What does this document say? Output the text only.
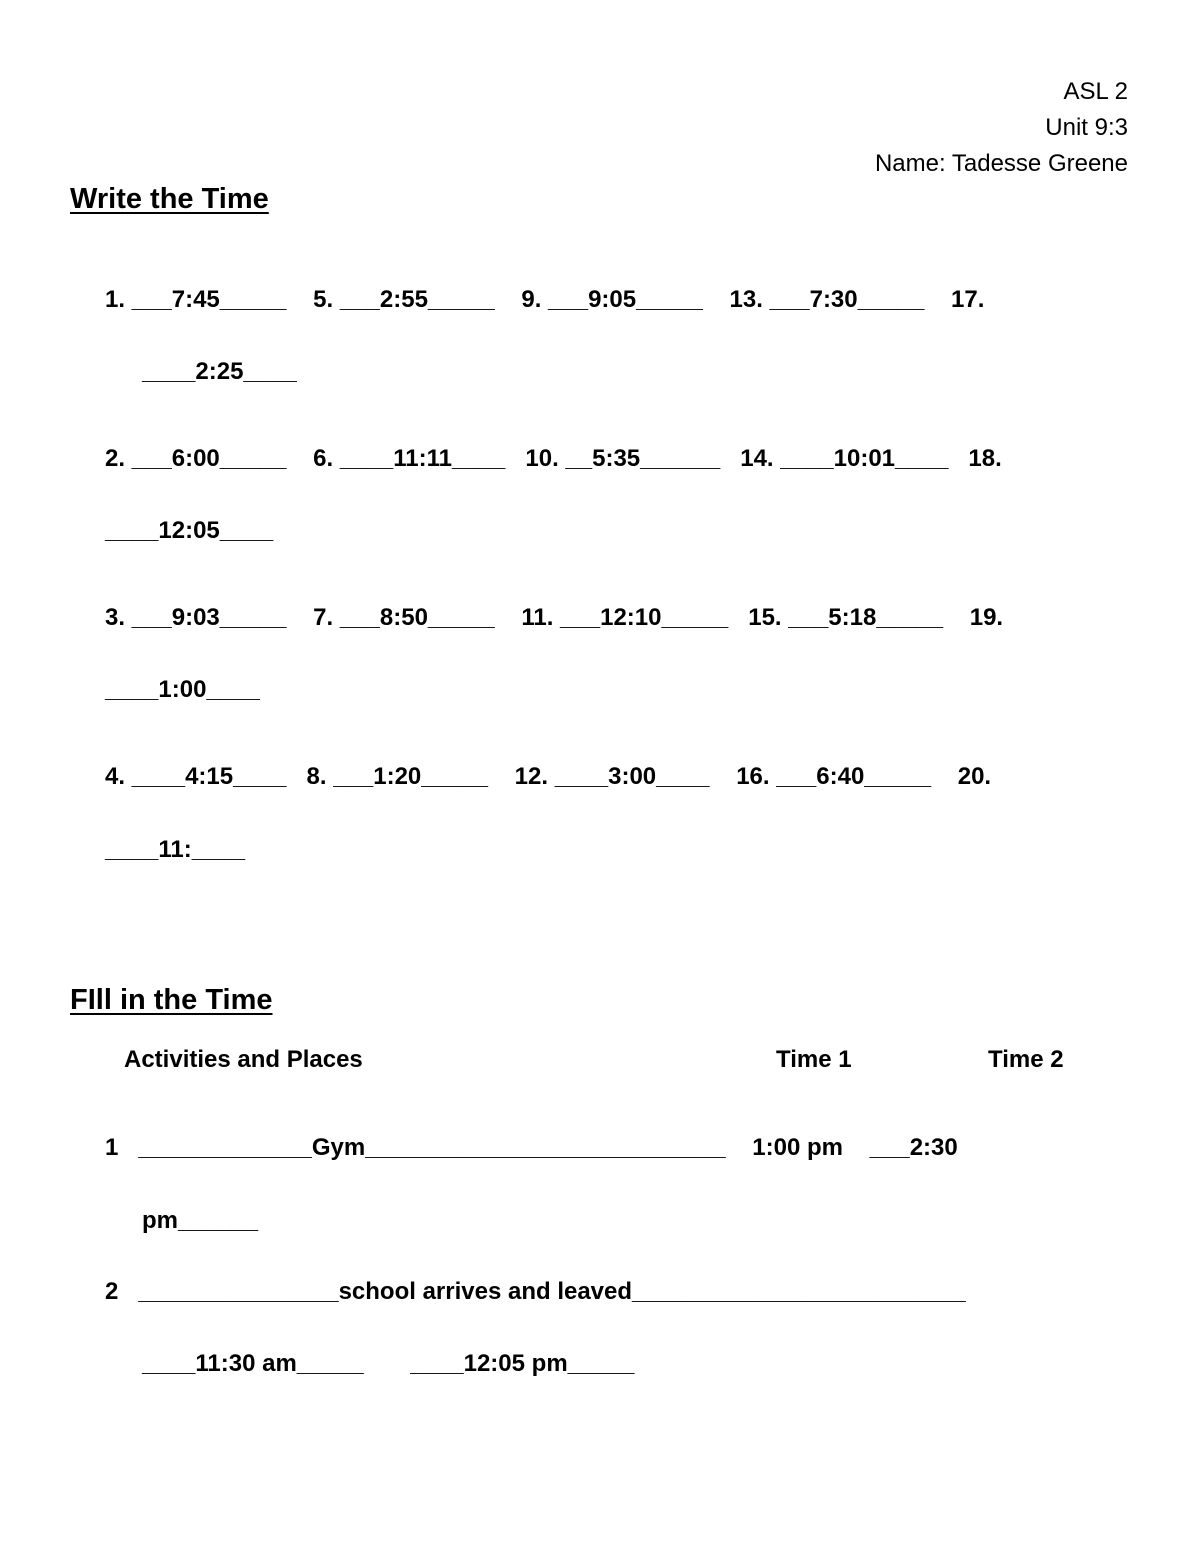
ASL 2
Unit 9:3
Name: Tadesse Greene
Write the Time
1. ___7:45_____    5. ___2:55_____    9. ___9:05_____    13. ___7:30_____    17.
____2:25____
2. ___6:00_____    6. ____11:11____   10. __5:35______   14. ____10:01____   18.
____12:05____
3. ___9:03_____    7. ___8:50_____    11. ___12:10_____   15. ___5:18_____    19.
____1:00____
4. ____4:15____   8. ___1:20_____    12. ____3:00____    16. ___6:40_____    20.
____11:____
FIll in the Time
Activities and Places	Time 1	Time 2
1   _____________Gym___________________________    1:00 pm    ___2:30
pm______
2   _______________school arrives and leaved_________________________
____11:30 am_____       ____12:05 pm_____
